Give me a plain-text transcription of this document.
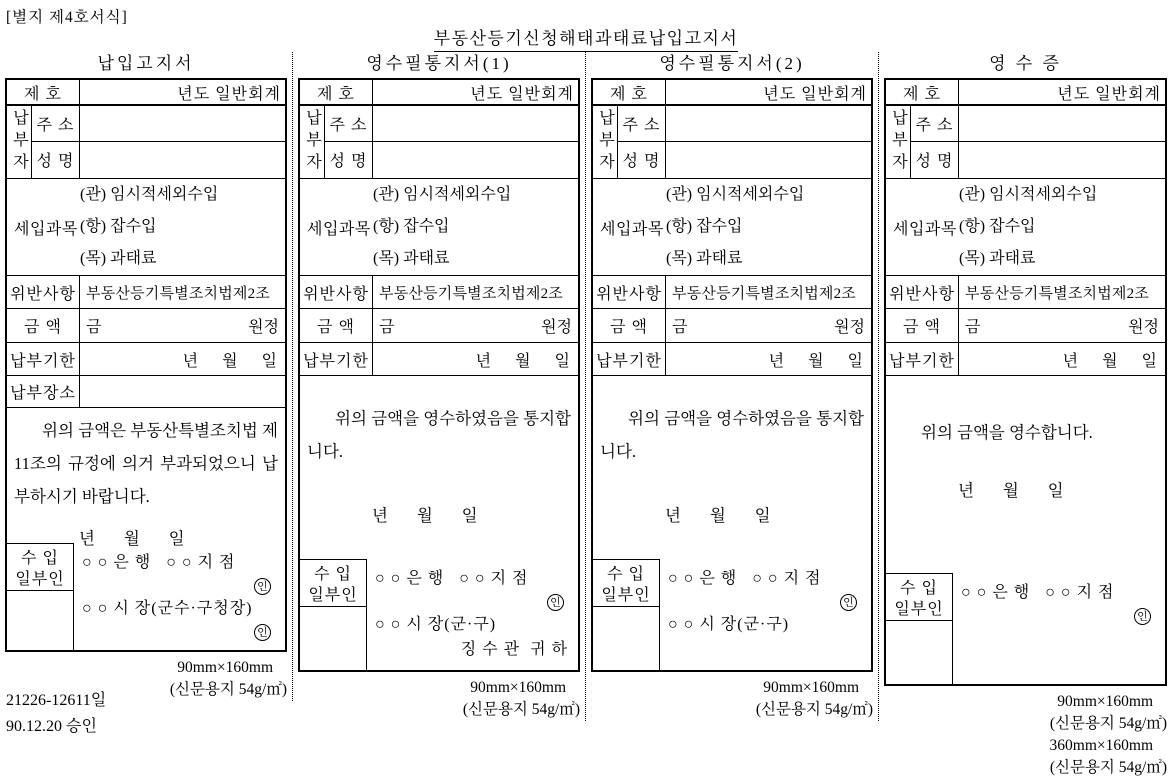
[별지 제4호서식]
부동산등기신청해태과태료납입고지서
납입고지서
제 호	년도 일반회계
납부자 주 소
성 명
세입과목
(관) 임시적세외수입
(항) 잡수입
(목) 과태료
위반사항 부동산등기특별조치법제2조
금 액	금	원정
납부기한	년      월      일
납부장소

위의 금액은 부동산특별조치법 제11조의 규정에 의거 부과되었으니 납부하시기 바랍니다.

년       월       일
수 입
일부인
○ ○ 은 행   ○ ○ 지 점
인
○ ○ 시 장(군수·구청장)
인
90mm×160mm
(신문용지 54g/㎡)
영수필통지서(1)
제 호	년도 일반회계
납부자 주 소
성 명
세입과목
(관) 임시적세외수입
(항) 잡수입
(목) 과태료
위반사항 부동산등기특별조치법제2조
금 액	금	원정
납부기한	년      월      일

위의 금액을 영수하였음을 통지합니다.

년       월       일
수 입
일부인
○ ○ 은 행   ○ ○ 지 점
인
○ ○ 시 장(군·구)
징 수 관  귀 하
90mm×160mm
(신문용지 54g/㎡)
영수필통지서(2)
제 호	년도 일반회계
납부자 주 소
성 명
세입과목
(관) 임시적세외수입
(항) 잡수입
(목) 과태료
위반사항 부동산등기특별조치법제2조
금 액	금	원정
납부기한	년      월      일

위의 금액을 영수하였음을 통지합니다.

년       월       일
수 입
일부인
○ ○ 은 행   ○ ○ 지 점
인
○ ○ 시 장(군·구)
90mm×160mm
(신문용지 54g/㎡)
영 수 증
제 호	년도 일반회계
납부자 주 소
성 명
세입과목
(관) 임시적세외수입
(항) 잡수입
(목) 과태료
위반사항 부동산등기특별조치법제2조
금 액	금	원정
납부기한	년      월      일

위의 금액을 영수합니다.

년       월       일
수 입
일부인
○ ○ 은 행   ○ ○ 지 점
인
90mm×160mm
(신문용지 54g/㎡)
360mm×160mm
(신문용지 54g/㎡)
21226-12611일
90.12.20 승인
